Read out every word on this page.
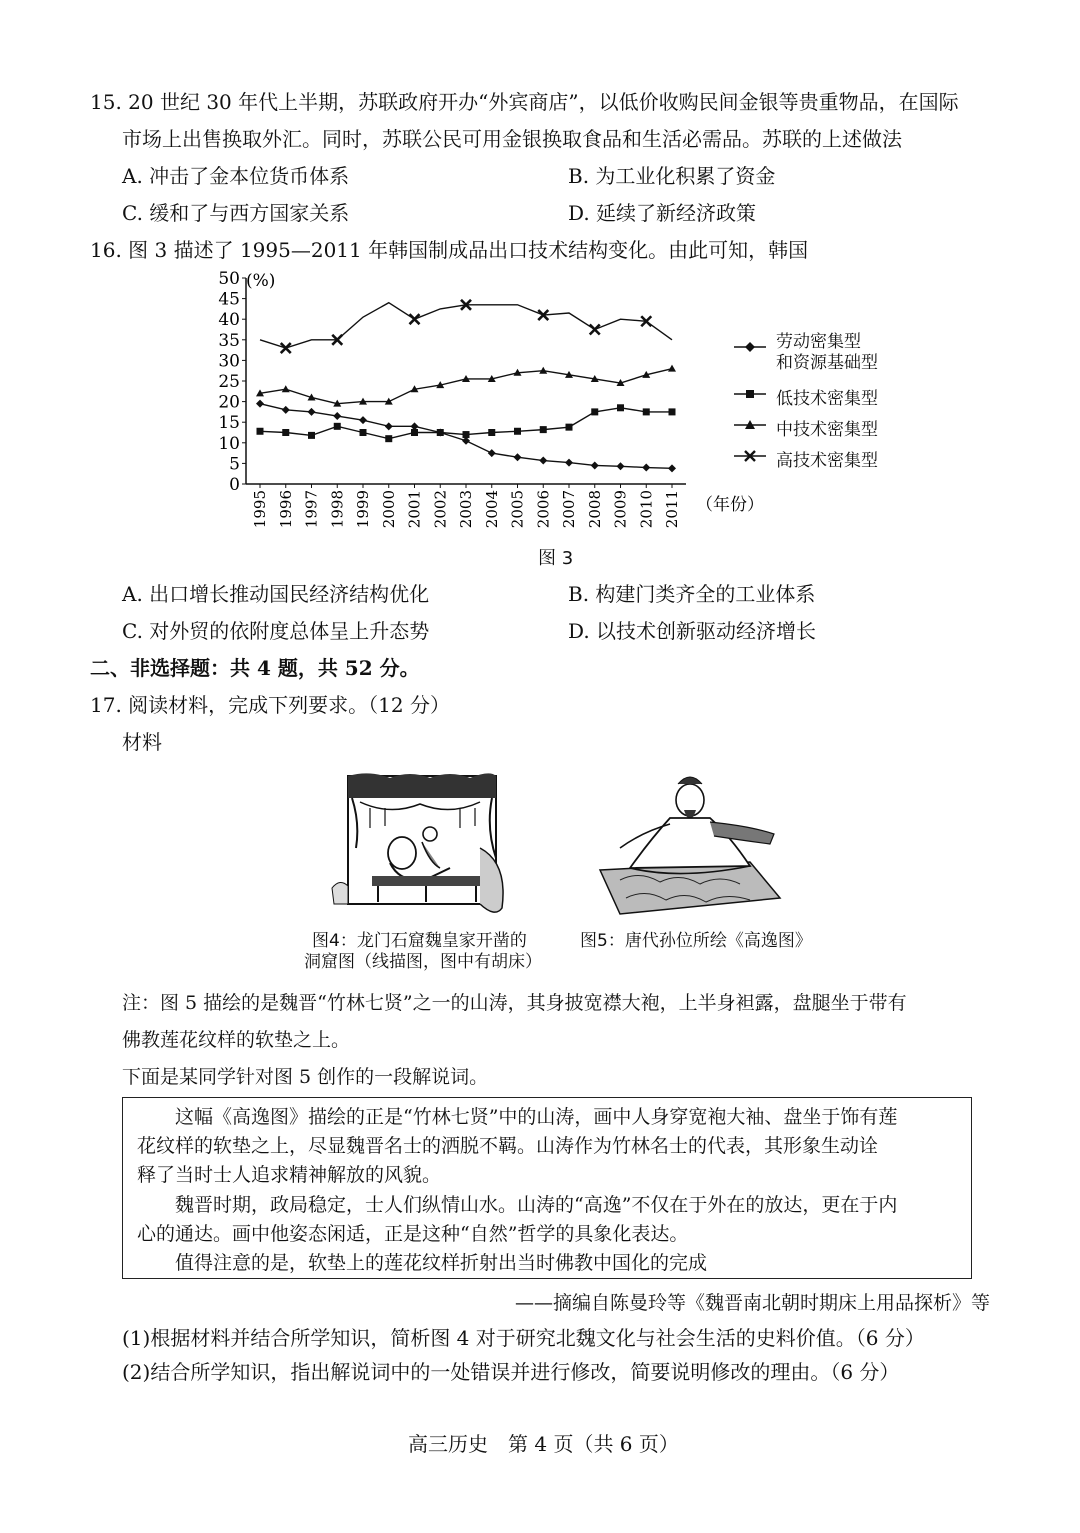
15. 20 世纪 30 年代上半期，苏联政府开办“外宾商店”，以低价收购民间金银等贵重物品，在国际
市场上出售换取外汇。同时，苏联公民可用金银换取食品和生活必需品。苏联的上述做法
A. 冲击了金本位货币体系	B. 为工业化积累了资金
C. 缓和了与西方国家关系	D. 延续了新经济政策
16. 图 3 描述了 1995—2011 年韩国制成品出口技术结构变化。由此可知，韩国
0
5
10
15
20
25
30
35
40
45
50
1995 1996 1997 1998 1999 2000 2001 2002 2003 2004 2005 2006 2007 2008 2009 2010 2011
(%)
（年份）
劳动密集型
和资源基础型
低技术密集型
中技术密集型
高技术密集型
图 3
A. 出口增长推动国民经济结构优化	B. 构建门类齐全的工业体系
C. 对外贸的依附度总体呈上升态势	D. 以技术创新驱动经济增长
二、非选择题：共 4 题，共 52 分。
17. 阅读材料，完成下列要求。（12 分）
材料
图4：龙门石窟魏皇家开凿的
洞窟图（线描图，图中有胡床）
图5：唐代孙位所绘《高逸图》
注：图 5 描绘的是魏晋“竹林七贤”之一的山涛，其身披宽襟大袍，上半身袒露，盘腿坐于带有
佛教莲花纹样的软垫之上。
下面是某同学针对图 5 创作的一段解说词。

　　这幅《高逸图》描绘的正是“竹林七贤”中的山涛，画中人身穿宽袍大袖、盘坐于饰有莲

花纹样的软垫之上，尽显魏晋名士的洒脱不羁。山涛作为竹林名士的代表，其形象生动诠

释了当时士人追求精神解放的风貌。

　　魏晋时期，政局稳定，士人们纵情山水。山涛的“高逸”不仅在于外在的放达，更在于内

心的通达。画中他姿态闲适，正是这种“自然”哲学的具象化表达。

　　值得注意的是，软垫上的莲花纹样折射出当时佛教中国化的完成

——摘编自陈曼玲等《魏晋南北朝时期床上用品探析》等
(1)根据材料并结合所学知识，简析图 4 对于研究北魏文化与社会生活的史料价值。（6 分）
(2)结合所学知识，指出解说词中的一处错误并进行修改，简要说明修改的理由。（6 分）
高三历史　第 4 页（共 6 页）
